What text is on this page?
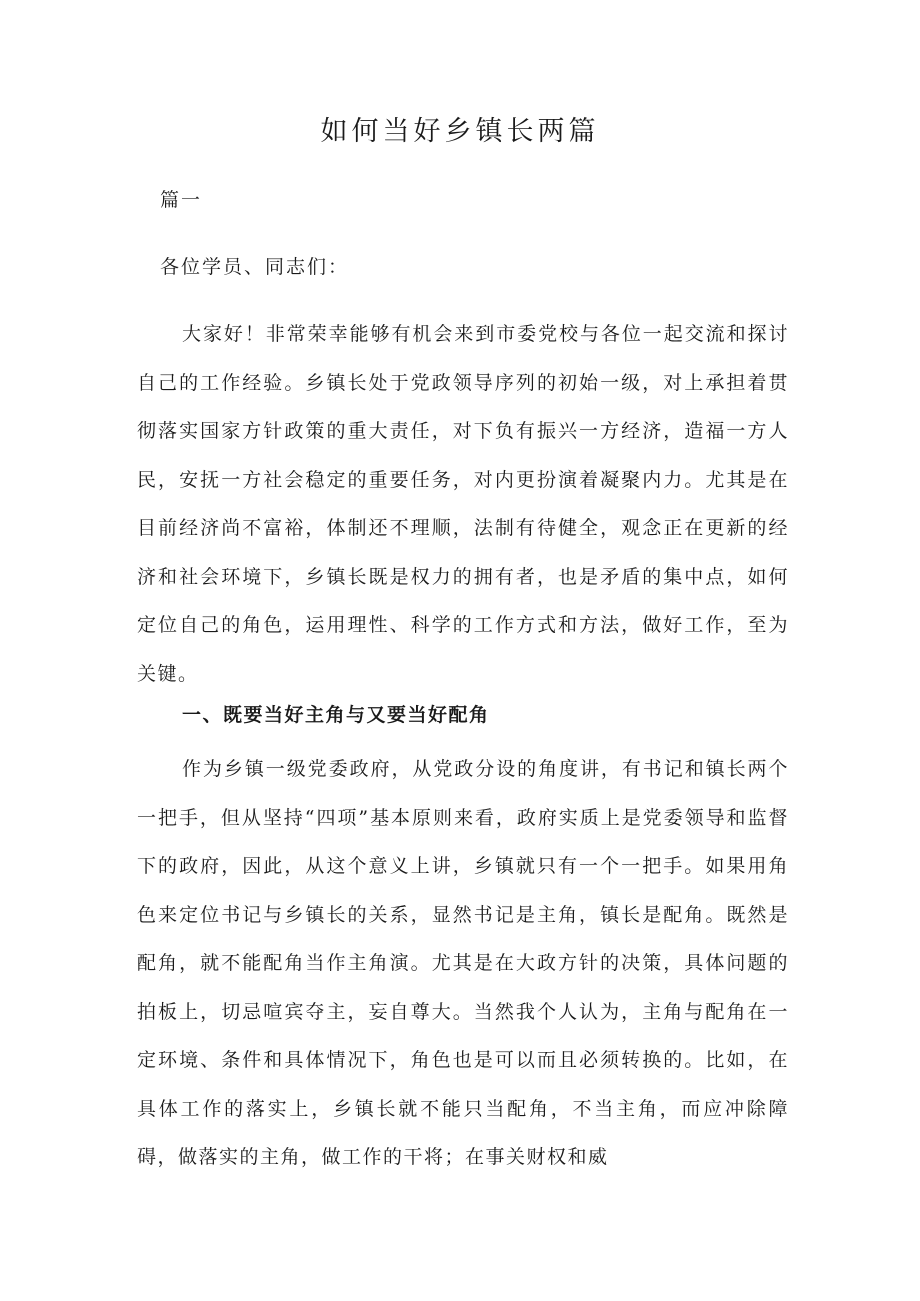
如何当好乡镇长两篇
篇一
各位学员、同志们：
大家好！非常荣幸能够有机会来到市委党校与各位一起交流和探讨自己的工作经验。乡镇长处于党政领导序列的初始一级，对上承担着贯彻落实国家方针政策的重大责任，对下负有振兴一方经济，造福一方人民，安抚一方社会稳定的重要任务，对内更扮演着凝聚内力。尤其是在目前经济尚不富裕，体制还不理顺，法制有待健全，观念正在更新的经济和社会环境下，乡镇长既是权力的拥有者，也是矛盾的集中点，如何定位自己的角色，运用理性、科学的工作方式和方法，做好工作，至为关键。
一、既要当好主角与又要当好配角
作为乡镇一级党委政府，从党政分设的角度讲，有书记和镇长两个一把手，但从坚持“四项”基本原则来看，政府实质上是党委领导和监督下的政府，因此，从这个意义上讲，乡镇就只有一个一把手。如果用角色来定位书记与乡镇长的关系，显然书记是主角，镇长是配角。既然是配角，就不能配角当作主角演。尤其是在大政方针的决策，具体问题的拍板上，切忌喧宾夺主，妄自尊大。当然我个人认为，主角与配角在一定环境、条件和具体情况下，角色也是可以而且必须转换的。比如，在具体工作的落实上，乡镇长就不能只当配角，不当主角，而应冲除障碍，做落实的主角，做工作的干将；在事关财权和威
